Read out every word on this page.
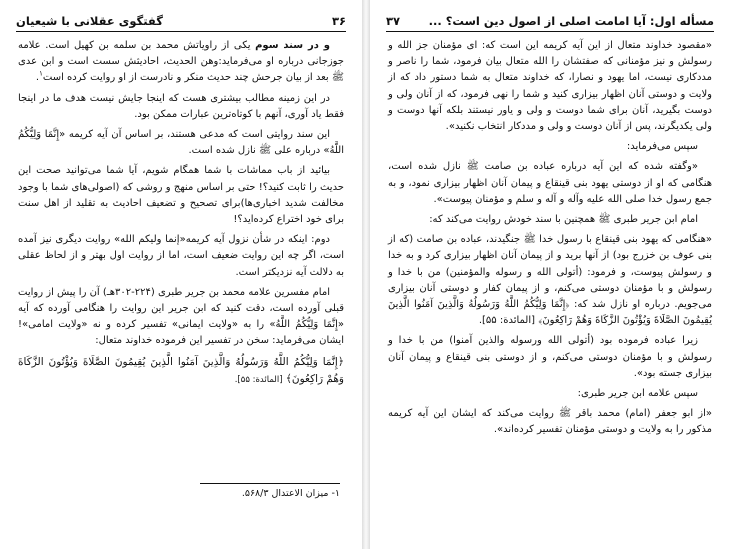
مسأله اول: آیا امامت اصلی از اصول دین است؟ ...
۳۷

«مقصود خداوند متعال از اين آيه كريمه اين است كه: ای مؤمنان جز الله و رسولش و نيز مؤمنانی كه صفتشان را الله متعال بيان فرمود، شما را ناصر و مددكاری نيست، اما يهود و نصارا، كه خداوند متعال به شما دستور داد كه از ولايت و دوستی آنان اظهار بيزاری كنيد و شما را نهی فرمود، كه از آنان ولی و دوست بگيريد، آنان برای شما دوست و ولی و ياور نيستند بلكه آنها دوست و ولی يكديگرند، پس از آنان دوست و ولی و مددكار انتخاب نكنيد».

سپس می‌فرمايد:

«وگفته شده كه اين آيه درباره عباده بن صامت ﷺ نازل شده است، هنگامی كه او از دوستی يهود بنی قينقاع و پيمان آنان اظهار بيزاری نمود، و به جمع رسول خدا صلی الله عليه وآله و آله و سلم و مؤمنان پيوست».

امام ابن جرير طبری ﷺ همچنين با سند خودش روايت می‌كند كه:

«هنگامی كه يهود بنی قينقاع با رسول خدا ﷺ جنگيدند، عباده بن صامت (كه از بنی عوف بن خزرج بود) از آنها بريد و از پيمان آنان اظهار بيزاری كرد و به خدا و رسولش پيوست، و فرمود: (أتولی الله و رسوله والمؤمنين) من با خدا و رسولش و با مؤمنان دوستی می‌كنم، و از پيمان كفار و دوستی آنان بيزاری می‌جويم. درباره او نازل شد كه: ﴿إِنَّمَا وَلِيُّكُمُ اللَّهُ وَرَسُولُهُ وَالَّذِينَ آمَنُوا الَّذِينَ يُقِيمُونَ الصَّلَاةَ وَيُؤْتُونَ الزَّكَاةَ وَهُمْ رَاكِعُونَ﴾ [المائدة: ۵۵].

زيرا عباده فرموده بود (أتولی الله ورسوله والذين آمنوا) من با خدا و رسولش و با مؤمنان دوستی می‌كنم، و از دوستی بنی قينقاع و پيمان آنان بيزاری جسته بود».

سپس علامه ابن جرير طبری:

«از ابو جعفر (امام) محمد باقر ﷺ روايت می‌كند كه ايشان اين آيه كريمه مذكور را به ولايت و دوستی مؤمنان تفسير كرده‌اند».

۳۶
گفتگوی عقلانی با شیعیان

و در سند سوم يكی از راوياتش محمد بن سلمه بن كهيل است. علامه جوزجانی درباره او می‌فرمايد:وهن الحديث، احاديثش سست است و ابن عدی ﷺ بعد از بيان جرحش چند حديث منكر و نادرست از او روايت كرده است$^۱$.

در اين زمينه مطالب بيشتری هست كه اينجا جايش نيست هدف ما در اينجا فقط ياد آوری، آنهم با كوتاه‌ترين عبارات ممكن بود.

اين سند روايتی است كه مدعی هستند، بر اساس آن آيه كريمه «إِنَّمَا وَلِيُّكُمُ اللَّهُ» درباره علی ﷺ نازل شده است.

بيائيد از باب مماشات با شما همگام شويم، آيا شما می‌توانيد صحت اين حديث را ثابت كنيد؟! حتی بر اساس منهج و روشی كه (اصولی‌های شما با وجود مخالفت شديد اخباری‌ها)برای تصحيح و تضعيف احاديث به تقليد از اهل سنت برای خود اختراع كرده‌ايد؟!

دوم: اينكه در شأن نزول آيه كريمه«إنما وليكم الله» روايت ديگری نيز آمده است، اگر چه اين روايت ضعيف است، اما از روايت اول بهتر و از لحاظ عقلی به دلالت آيه نزديكتر است.

امام مفسرين علامه محمد بن جرير طبری (۲۲۴-۳۰۲هـ) آن را پيش از روايت قبلی آورده است، دقت كنيد كه ابن جرير اين روايت را هنگامی آورده كه آيه «إِنَّمَا وَلِيُّكُمُ اللَّهُ» را به «ولايت ايمانی» تفسير كرده و نه «ولايت امامی»! ايشان می‌فرمايد: سخن در تفسير اين فرموده خداوند متعال:

﴿إِنَّمَا وَلِيُّكُمُ اللَّهُ وَرَسُولُهُ وَالَّذِينَ آمَنُوا الَّذِينَ يُقِيمُونَ الصَّلَاةَ وَيُؤْتُونَ الزَّكَاةَ وَهُمْ رَاكِعُونَ﴾ [المائدة: ۵۵].

۱- ميزان الاعتدال ۵۶۸/۳.
